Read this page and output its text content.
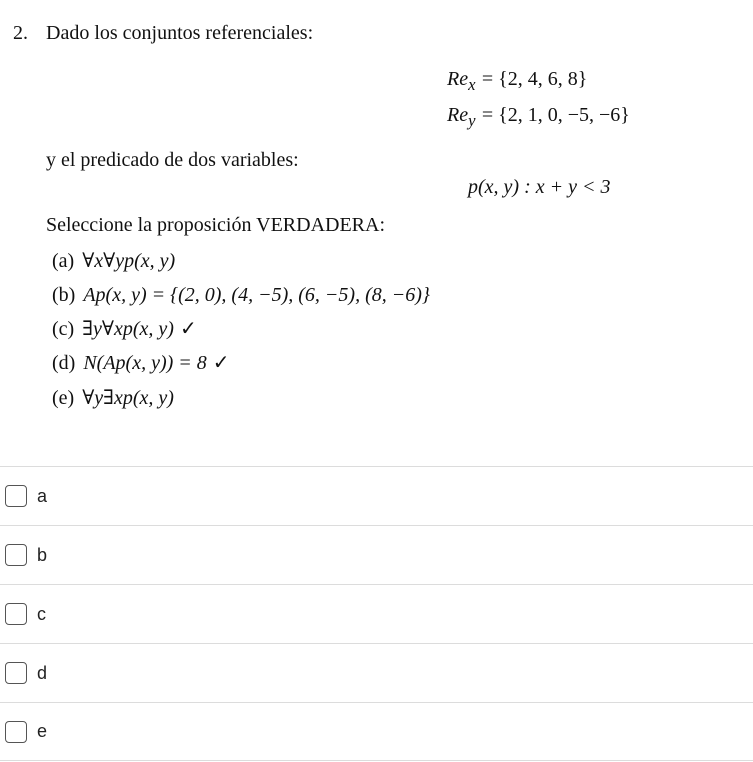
2. Dado los conjuntos referenciales:
$Re_x = \{2$, 4, 6, 8}
$Re_y = \{2$, 1, 0, −5, −6}
y el predicado de dos variables:
p(x, y) : x + y < 3
Seleccione la proposición VERDADERA:
(a) ∀x∀yp(x, y)
(b) Ap(x, y) = {(2, 0), (4, −5), (6, −5), (8, −6)}
(c) ∃y∀xp(x, y) ✓
(d) N(Ap(x, y)) = 8 ✓
(e) ∀y∃xp(x, y)
a
b
c
d
e
